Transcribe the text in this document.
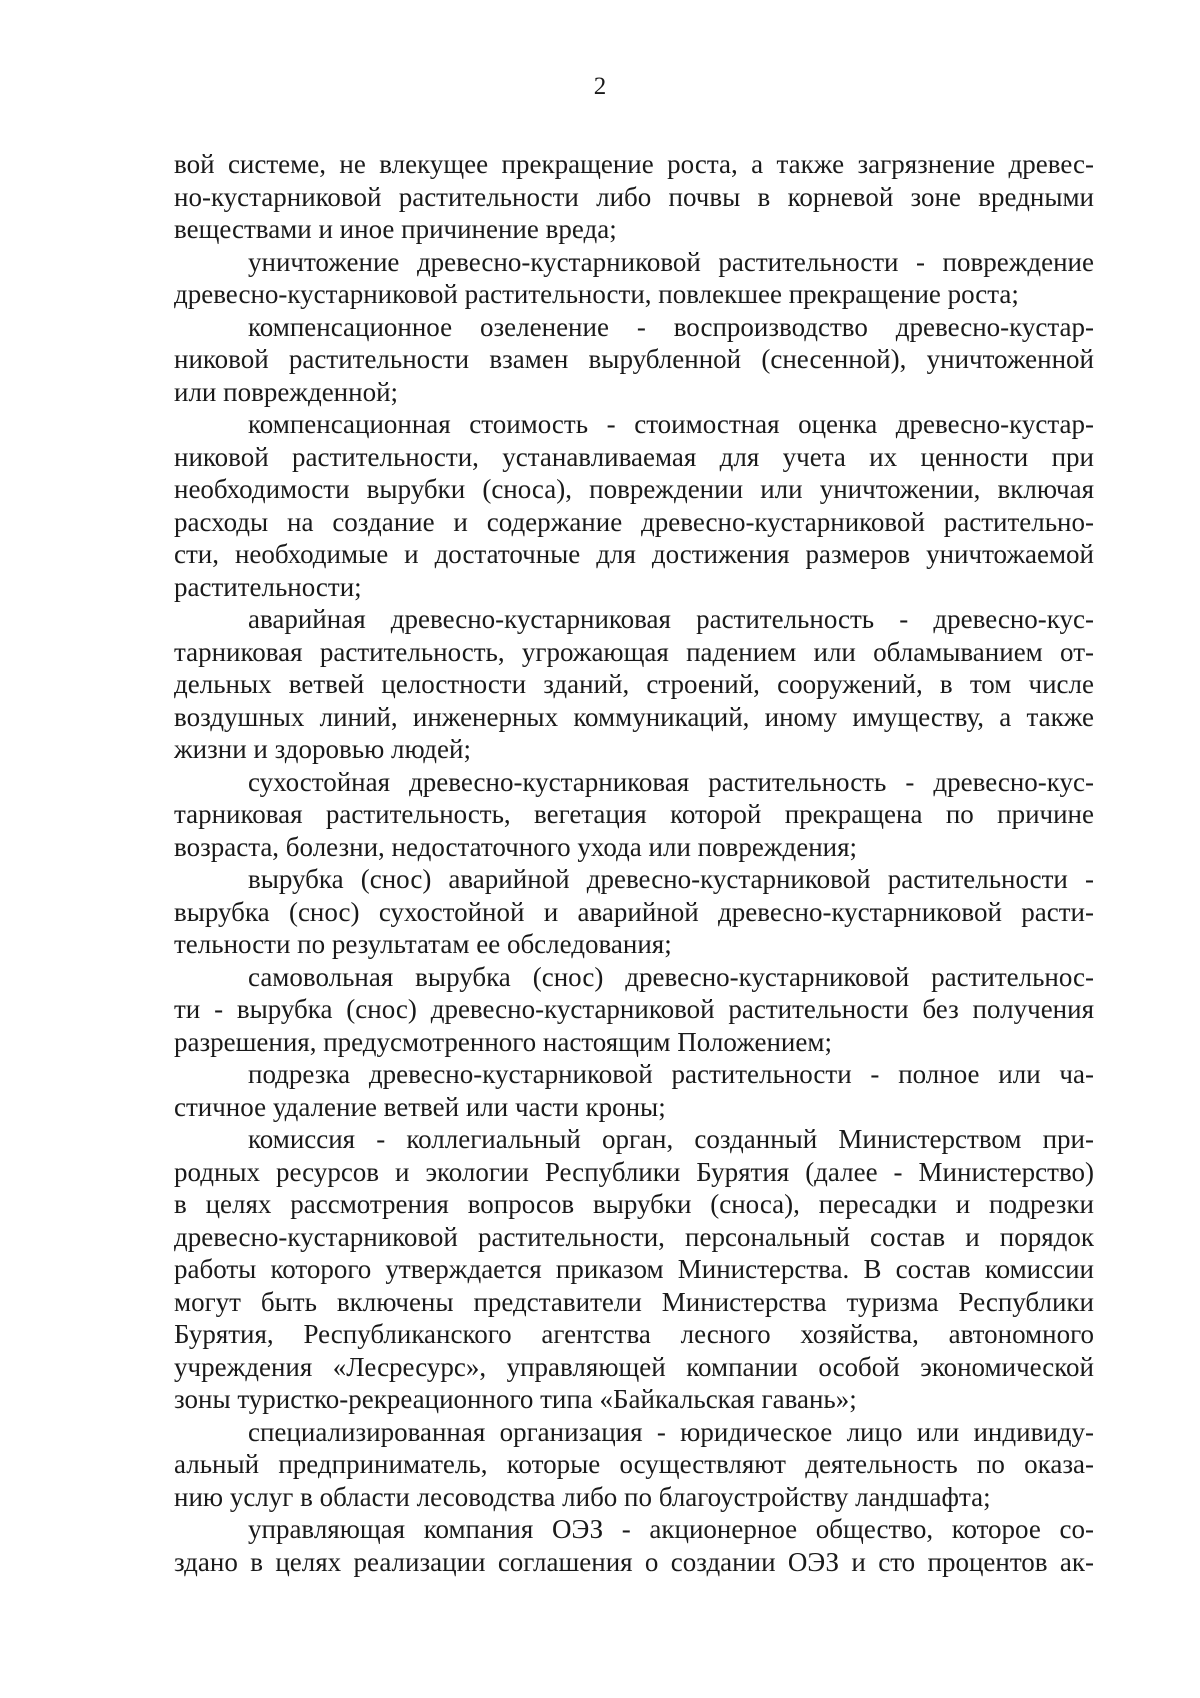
2

вой системе, не влекущее прекращение роста, а также загрязнение древес-
но-кустарниковой растительности либо почвы в корневой зоне вредными
веществами и иное причинение вреда;

уничтожение древесно-кустарниковой растительности - повреждение
древесно-кустарниковой растительности, повлекшее прекращение роста;

компенсационное озеленение - воспроизводство древесно-кустар-
никовой растительности взамен вырубленной (снесенной), уничтоженной
или поврежденной;

компенсационная стоимость - стоимостная оценка древесно-кустар-
никовой растительности, устанавливаемая для учета их ценности при
необходимости вырубки (сноса), повреждении или уничтожении, включая
расходы на создание и содержание древесно-кустарниковой растительно-
сти, необходимые и достаточные для достижения размеров уничтожаемой
растительности;

аварийная древесно-кустарниковая растительность - древесно-кус-
тарниковая растительность, угрожающая падением или обламыванием от-
дельных ветвей целостности зданий, строений, сооружений, в том числе
воздушных линий, инженерных коммуникаций, иному имуществу, а также
жизни и здоровью людей;

сухостойная древесно-кустарниковая растительность - древесно-кус-
тарниковая растительность, вегетация которой прекращена по причине
возраста, болезни, недостаточного ухода или повреждения;

вырубка (снос) аварийной древесно-кустарниковой растительности -
вырубка (снос) сухостойной и аварийной древесно-кустарниковой расти-
тельности по результатам ее обследования;

самовольная вырубка (снос) древесно-кустарниковой растительнос-
ти - вырубка (снос) древесно-кустарниковой растительности без получения
разрешения, предусмотренного настоящим Положением;

подрезка древесно-кустарниковой растительности - полное или ча-
стичное удаление ветвей или части кроны;

комиссия - коллегиальный орган, созданный Министерством при-
родных ресурсов и экологии Республики Бурятия (далее - Министерство)
в целях рассмотрения вопросов вырубки (сноса), пересадки и подрезки
древесно-кустарниковой растительности, персональный состав и порядок
работы которого утверждается приказом Министерства. В состав комиссии
могут быть включены представители Министерства туризма Республики
Бурятия, Республиканского агентства лесного хозяйства, автономного
учреждения «Лесресурс», управляющей компании особой экономической
зоны туристко-рекреационного типа «Байкальская гавань»;

специализированная организация - юридическое лицо или индивиду-
альный предприниматель, которые осуществляют деятельность по оказа-
нию услуг в области лесоводства либо по благоустройству ландшафта;

управляющая компания ОЭЗ - акционерное общество, которое со-
здано в целях реализации соглашения о создании ОЭЗ и сто процентов ак-
